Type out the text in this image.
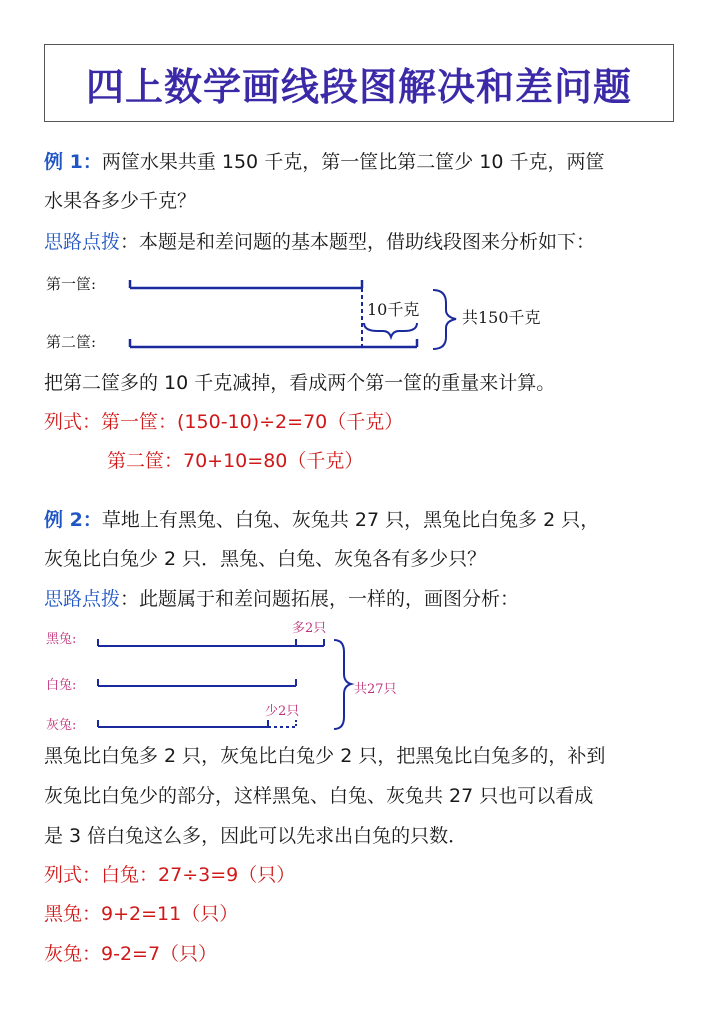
四上数学画线段图解决和差问题
例 1：两筐水果共重 150 千克，第一筐比第二筐少 10 千克，两筐
水果各多少千克？
思路点拨：本题是和差问题的基本题型，借助线段图来分析如下：
第一筐:
第二筐:
10千克	共150千克
把第二筐多的 10 千克减掉，看成两个第一筐的重量来计算。
列式：第一筐：(150-10)÷2=70（千克）
第二筐：70+10=80（千克）
例 2：草地上有黑兔、白兔、灰兔共 27 只，黑兔比白兔多 2 只，
灰兔比白兔少 2 只．黑兔、白兔、灰兔各有多少只？
思路点拨：此题属于和差问题拓展，一样的，画图分析：
黑兔:
白兔:
灰兔:
多2只
少2只
共27只
黑兔比白兔多 2 只，灰兔比白兔少 2 只，把黑兔比白兔多的，补到
灰兔比白兔少的部分，这样黑兔、白兔、灰兔共 27 只也可以看成
是 3 倍白兔这么多，因此可以先求出白兔的只数．
列式：白兔：27÷3=9（只）
黑兔：9+2=11（只）
灰兔：9-2=7（只）
